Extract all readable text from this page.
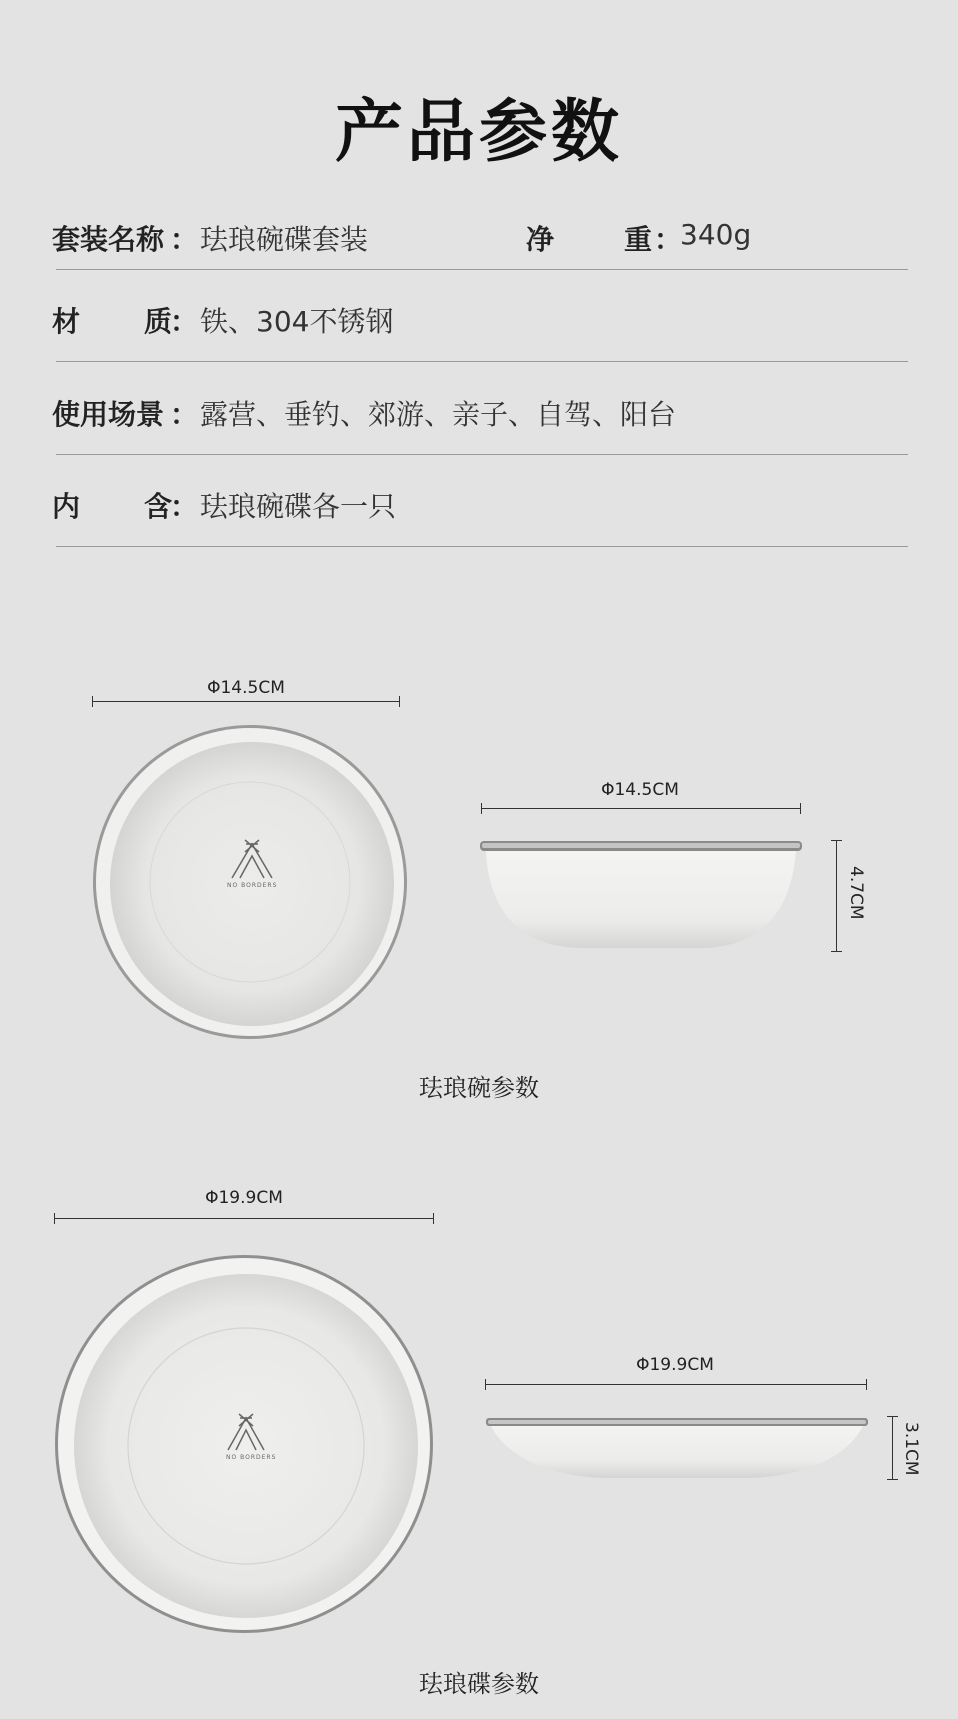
产品参数
套装名称 ： 珐琅碗碟套装	净 重 ：
340g
材 质
： 铁、304不锈钢
使用场景 ： 露营、垂钓、郊游、亲子、自驾、阳台
内 含
： 珐琅碗碟各一只
Φ14.5CM
NO BORDERS
Φ14.5CM
4.7CM
珐琅碗参数
Φ19.9CM
NO BORDERS
Φ19.9CM
3.1CM
珐琅碟参数
